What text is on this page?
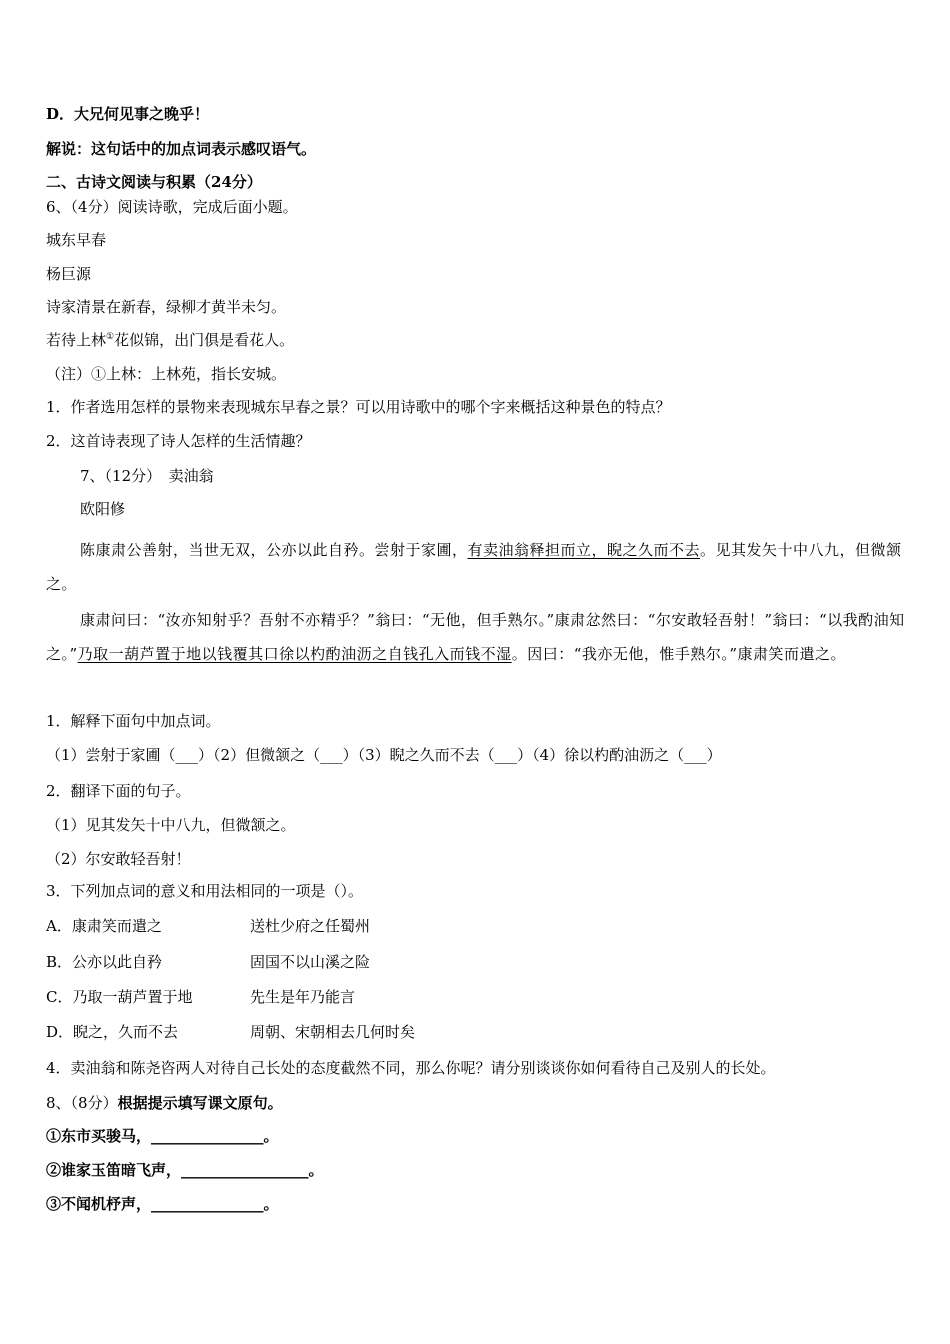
D．大兄何见事之晚乎！
解说：这句话中的加点词表示感叹语气。
二、古诗文阅读与积累（24分）
6、（4分）阅读诗歌，完成后面小题。
城东早春
杨巨源
诗家清景在新春，绿柳才黄半未匀。
若待上林①花似锦，出门俱是看花人。
（注）①上林：上林苑，指长安城。
1．作者选用怎样的景物来表现城东早春之景？可以用诗歌中的哪个字来概括这种景色的特点？
2．这首诗表现了诗人怎样的生活情趣？
7、（12分）　卖油翁
欧阳修
陈康肃公善射，当世无双，公亦以此自矜。尝射于家圃，有卖油翁释担而立，睨之久而不去。见其发矢十中八九，但微颔之。
康肃问曰：“汝亦知射乎？吾射不亦精乎？”翁曰：“无他，但手熟尔。”康肃忿然曰：“尔安敢轻吾射！”翁曰：“以我酌油知之。”乃取一葫芦置于地以钱覆其口徐以杓酌油沥之自钱孔入而钱不湿。因曰：“我亦无他，惟手熟尔。”康肃笑而遣之。
1．解释下面句中加点词。
（1）尝射于家圃（___）（2）但微颔之（___）（3）睨之久而不去（___）（4）徐以杓酌油沥之（___）
2．翻译下面的句子。
（1）见其发矢十中八九，但微颔之。
（2）尔安敢轻吾射！
3．下列加点词的意义和用法相同的一项是（）。
A．康肃笑而遣之	送杜少府之任蜀州
B．公亦以此自矜	固国不以山溪之险
C．乃取一葫芦置于地	先生是年乃能言
D．睨之，久而不去	周朝、宋朝相去几何时矣
4．卖油翁和陈尧咨两人对待自己长处的态度截然不同，那么你呢？请分别谈谈你如何看待自己及别人的长处。
8、（8分）根据提示填写课文原句。
①东市买骏马，_______________。
②谁家玉笛暗飞声，_________________。
③不闻机杼声，_______________。
